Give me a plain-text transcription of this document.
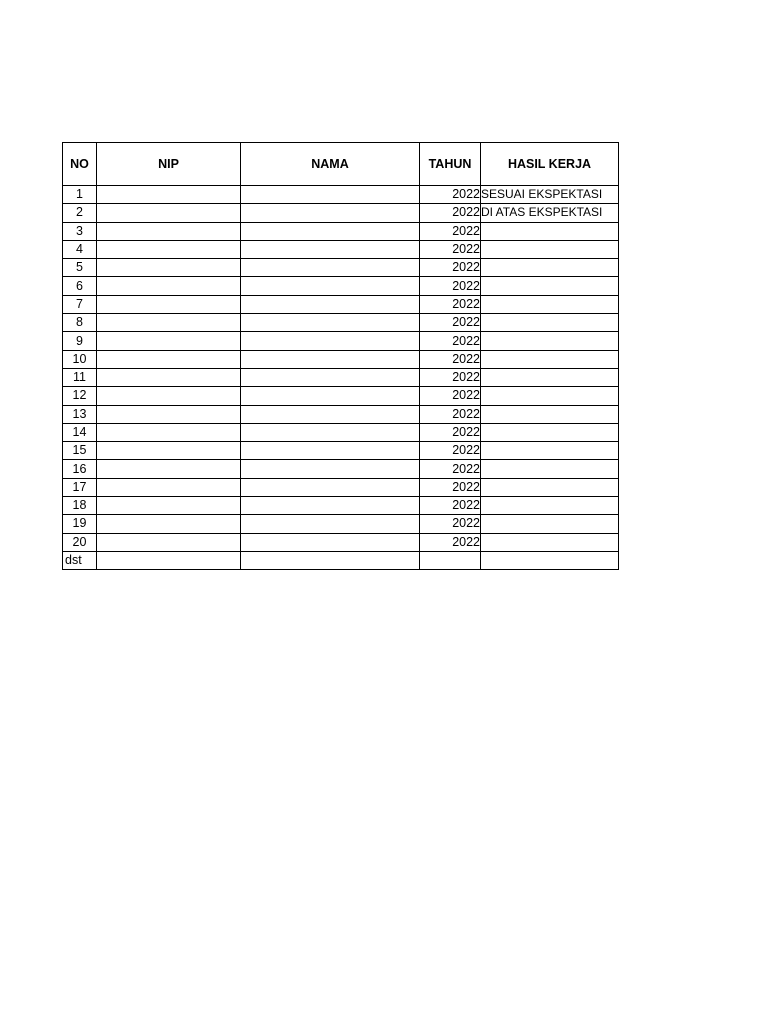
NO	NIP	NAMA	TAHUN	HASIL KERJA
1			2022	SESUAI EKSPEKTASI
2			2022	DI ATAS EKSPEKTASI
3			2022	
4			2022	
5			2022	
6			2022	
7			2022	
8			2022	
9			2022	
10			2022	
11			2022	
12			2022	
13			2022	
14			2022	
15			2022	
16			2022	
17			2022	
18			2022	
19			2022	
20			2022	
dst				
